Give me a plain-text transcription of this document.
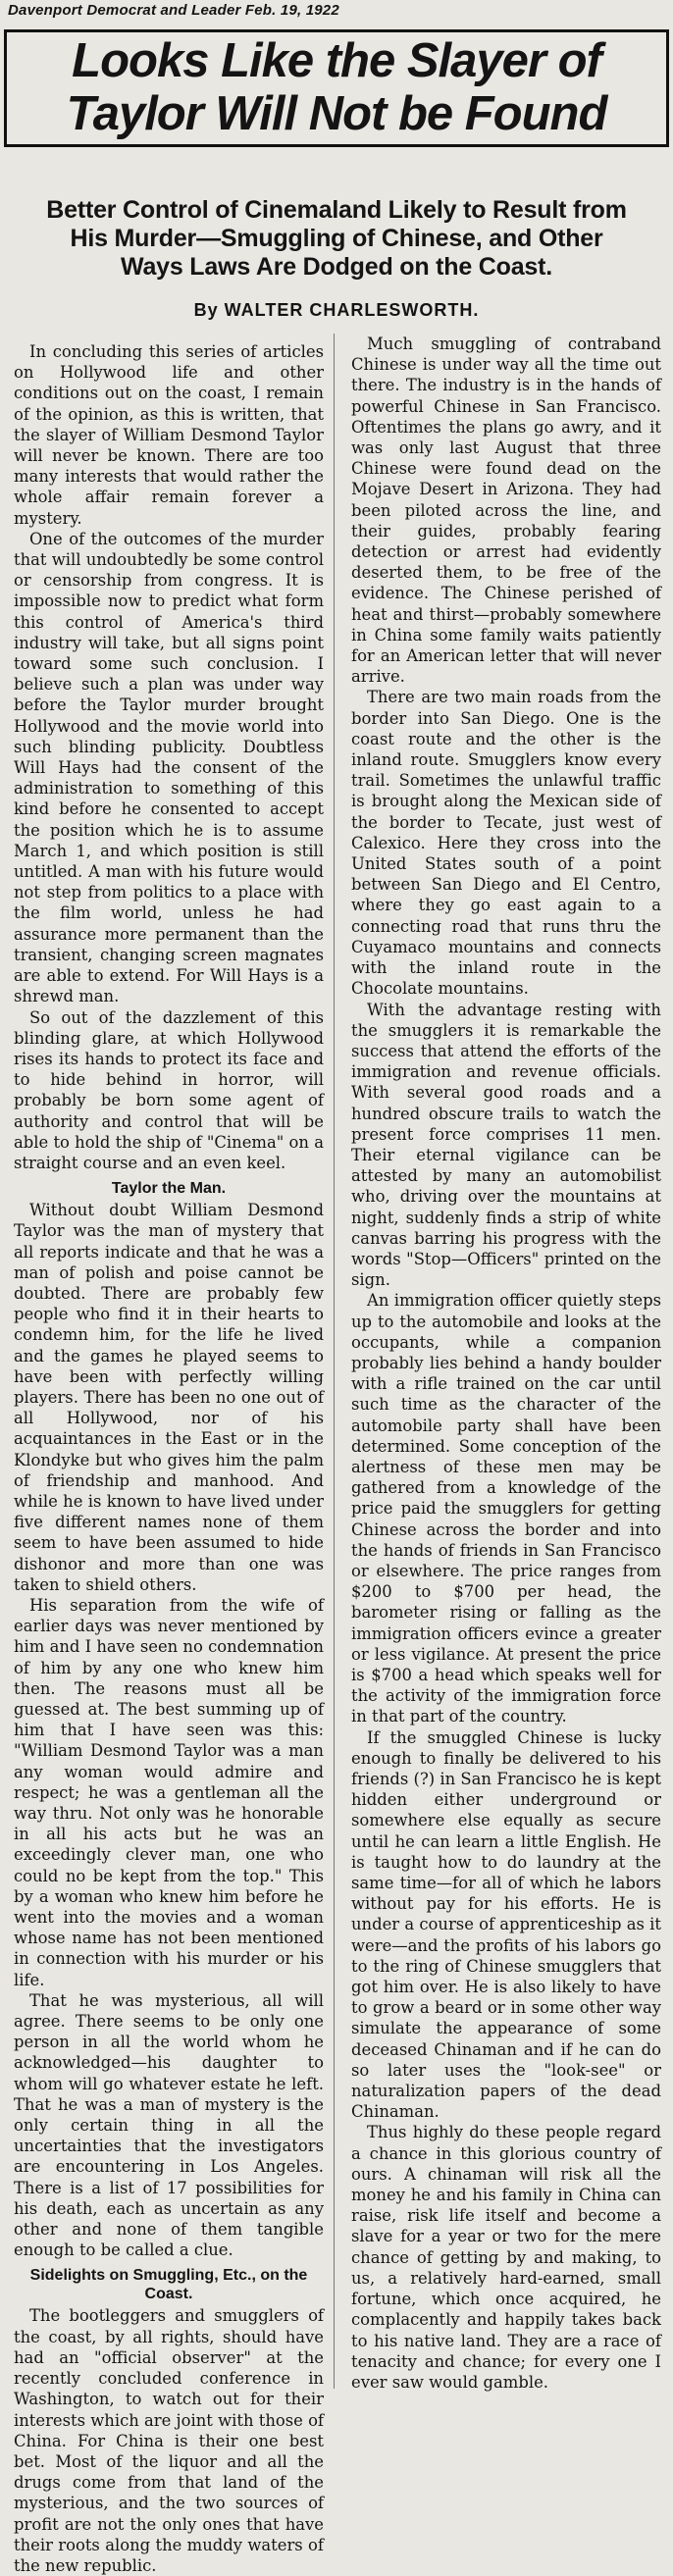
Davenport Democrat and Leader Feb. 19, 1922
Looks Like the Slayer of
Taylor Will Not be Found
Better Control of Cinemaland Likely to Result from
His Murder—Smuggling of Chinese, and Other
Ways Laws Are Dodged on the Coast.
By WALTER CHARLESWORTH.

In concluding this series of articles on Hollywood life and other conditions out on the coast, I remain of the opinion, as this is written, that the slayer of William Desmond Taylor will never be known. There are too many interests that would rather the whole affair remain forever a mystery.

One of the outcomes of the murder that will undoubtedly be some control or censorship from congress. It is impossible now to predict what form this control of America's third industry will take, but all signs point toward some such conclusion. I believe such a plan was under way before the Taylor murder brought Hollywood and the movie world into such blinding publicity. Doubtless Will Hays had the consent of the administration to something of this kind before he consented to accept the position which he is to assume March 1, and which position is still untitled. A man with his future would not step from politics to a place with the film world, unless he had assurance more permanent than the transient, changing screen magnates are able to extend. For Will Hays is a shrewd man.

So out of the dazzlement of this blinding glare, at which Hollywood rises its hands to protect its face and to hide behind in horror, will probably be born some agent of authority and control that will be able to hold the ship of "Cinema" on a straight course and an even keel.

Taylor the Man.

Without doubt William Desmond Taylor was the man of mystery that all reports indicate and that he was a man of polish and poise cannot be doubted. There are probably few people who find it in their hearts to condemn him, for the life he lived and the games he played seems to have been with perfectly willing players. There has been no one out of all Hollywood, nor of his acquaintances in the East or in the Klondyke but who gives him the palm of friendship and manhood. And while he is known to have lived under five different names none of them seem to have been assumed to hide dishonor and more than one was taken to shield others.

His separation from the wife of earlier days was never mentioned by him and I have seen no condemnation of him by any one who knew him then. The reasons must all be guessed at. The best summing up of him that I have seen was this: "William Desmond Taylor was a man any woman would admire and respect; he was a gentleman all the way thru. Not only was he honorable in all his acts but he was an exceedingly clever man, one who could no be kept from the top." This by a woman who knew him before he went into the movies and a woman whose name has not been mentioned in connection with his murder or his life.

That he was mysterious, all will agree. There seems to be only one person in all the world whom he acknowledged—his daughter to whom will go whatever estate he left. That he was a man of mystery is the only certain thing in all the uncertainties that the investigators are encountering in Los Angeles. There is a list of 17 possibilities for his death, each as uncertain as any other and none of them tangible enough to be called a clue.

Sidelights on Smuggling, Etc., on the Coast.

The bootleggers and smugglers of the coast, by all rights, should have had an "official observer" at the recently concluded conference in Washington, to watch out for their interests which are joint with those of China. For China is their one best bet. Most of the liquor and all the drugs come from that land of the mysterious, and the two sources of profit are not the only ones that have their roots along the muddy waters of the new republic.

Much smuggling of contraband Chinese is under way all the time out there. The industry is in the hands of powerful Chinese in San Francisco. Oftentimes the plans go awry, and it was only last August that three Chinese were found dead on the Mojave Desert in Arizona. They had been piloted across the line, and their guides, probably fearing detection or arrest had evidently deserted them, to be free of the evidence. The Chinese perished of heat and thirst—probably somewhere in China some family waits patiently for an American letter that will never arrive.

There are two main roads from the border into San Diego. One is the coast route and the other is the inland route. Smugglers know every trail. Sometimes the unlawful traffic is brought along the Mexican side of the border to Tecate, just west of Calexico. Here they cross into the United States south of a point between San Diego and El Centro, where they go east again to a connecting road that runs thru the Cuyamaco mountains and connects with the inland route in the Chocolate mountains.

With the advantage resting with the smugglers it is remarkable the success that attend the efforts of the immigration and revenue officials. With several good roads and a hundred obscure trails to watch the present force comprises 11 men. Their eternal vigilance can be attested by many an automobilist who, driving over the mountains at night, suddenly finds a strip of white canvas barring his progress with the words "Stop—Officers" printed on the sign.

An immigration officer quietly steps up to the automobile and looks at the occupants, while a companion probably lies behind a handy boulder with a rifle trained on the car until such time as the character of the automobile party shall have been determined. Some conception of the alertness of these men may be gathered from a knowledge of the price paid the smugglers for getting Chinese across the border and into the hands of friends in San Francisco or elsewhere. The price ranges from $200 to $700 per head, the barometer rising or falling as the immigration officers evince a greater or less vigilance. At present the price is $700 a head which speaks well for the activity of the immigration force in that part of the country.

If the smuggled Chinese is lucky enough to finally be delivered to his friends (?) in San Francisco he is kept hidden either underground or somewhere else equally as secure until he can learn a little English. He is taught how to do laundry at the same time—for all of which he labors without pay for his efforts. He is under a course of apprenticeship as it were—and the profits of his labors go to the ring of Chinese smugglers that got him over. He is also likely to have to grow a beard or in some other way simulate the appearance of some deceased Chinaman and if he can do so later uses the "look-see" or naturalization papers of the dead Chinaman.

Thus highly do these people regard a chance in this glorious country of ours. A chinaman will risk all the money he and his family in China can raise, risk life itself and become a slave for a year or two for the mere chance of getting by and making, to us, a relatively hard-earned, small fortune, which once acquired, he complacently and happily takes back to his native land. They are a race of tenacity and chance; for every one I ever saw would gamble.
